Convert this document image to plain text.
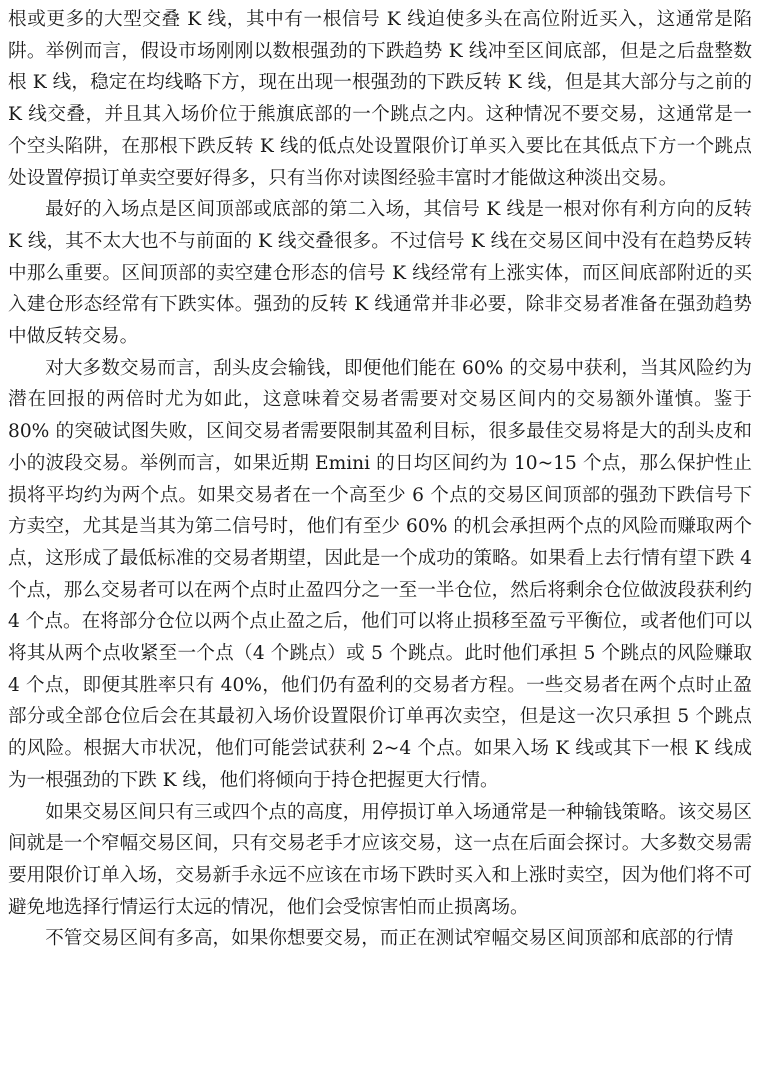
根或更多的大型交叠 K 线，其中有一根信号 K 线迫使多头在高位附近买入，这通常是陷阱。举例而言，假设市场刚刚以数根强劲的下跌趋势 K 线冲至区间底部，但是之后盘整数根 K 线，稳定在均线略下方，现在出现一根强劲的下跌反转 K 线，但是其大部分与之前的 K 线交叠，并且其入场价位于熊旗底部的一个跳点之内。这种情况不要交易，这通常是一个空头陷阱，在那根下跌反转 K 线的低点处设置限价订单买入要比在其低点下方一个跳点处设置停损订单卖空要好得多，只有当你对读图经验丰富时才能做这种淡出交易。

最好的入场点是区间顶部或底部的第二入场，其信号 K 线是一根对你有利方向的反转 K 线，其不太大也不与前面的 K 线交叠很多。不过信号 K 线在交易区间中没有在趋势反转中那么重要。区间顶部的卖空建仓形态的信号 K 线经常有上涨实体，而区间底部附近的买入建仓形态经常有下跌实体。强劲的反转 K 线通常并非必要，除非交易者准备在强劲趋势中做反转交易。

对大多数交易而言，刮头皮会输钱，即便他们能在 60% 的交易中获利，当其风险约为潜在回报的两倍时尤为如此，这意味着交易者需要对交易区间内的交易额外谨慎。鉴于 80% 的突破试图失败，区间交易者需要限制其盈利目标，很多最佳交易将是大的刮头皮和小的波段交易。举例而言，如果近期 Emini 的日均区间约为 10~15 个点，那么保护性止损将平均约为两个点。如果交易者在一个高至少 6 个点的交易区间顶部的强劲下跌信号下方卖空，尤其是当其为第二信号时，他们有至少 60% 的机会承担两个点的风险而赚取两个点，这形成了最低标准的交易者期望，因此是一个成功的策略。如果看上去行情有望下跌 4 个点，那么交易者可以在两个点时止盈四分之一至一半仓位，然后将剩余仓位做波段获利约 4 个点。在将部分仓位以两个点止盈之后，他们可以将止损移至盈亏平衡位，或者他们可以将其从两个点收紧至一个点（4 个跳点）或 5 个跳点。此时他们承担 5 个跳点的风险赚取 4 个点，即便其胜率只有 40%，他们仍有盈利的交易者方程。一些交易者在两个点时止盈部分或全部仓位后会在其最初入场价设置限价订单再次卖空，但是这一次只承担 5 个跳点的风险。根据大市状况，他们可能尝试获利 2~4 个点。如果入场 K 线或其下一根 K 线成为一根强劲的下跌 K 线，他们将倾向于持仓把握更大行情。

如果交易区间只有三或四个点的高度，用停损订单入场通常是一种输钱策略。该交易区间就是一个窄幅交易区间，只有交易老手才应该交易，这一点在后面会探讨。大多数交易需要用限价订单入场，交易新手永远不应该在市场下跌时买入和上涨时卖空，因为他们将不可避免地选择行情运行太远的情况，他们会受惊害怕而止损离场。

不管交易区间有多高，如果你想要交易，而正在测试窄幅交易区间顶部和底部的行情
